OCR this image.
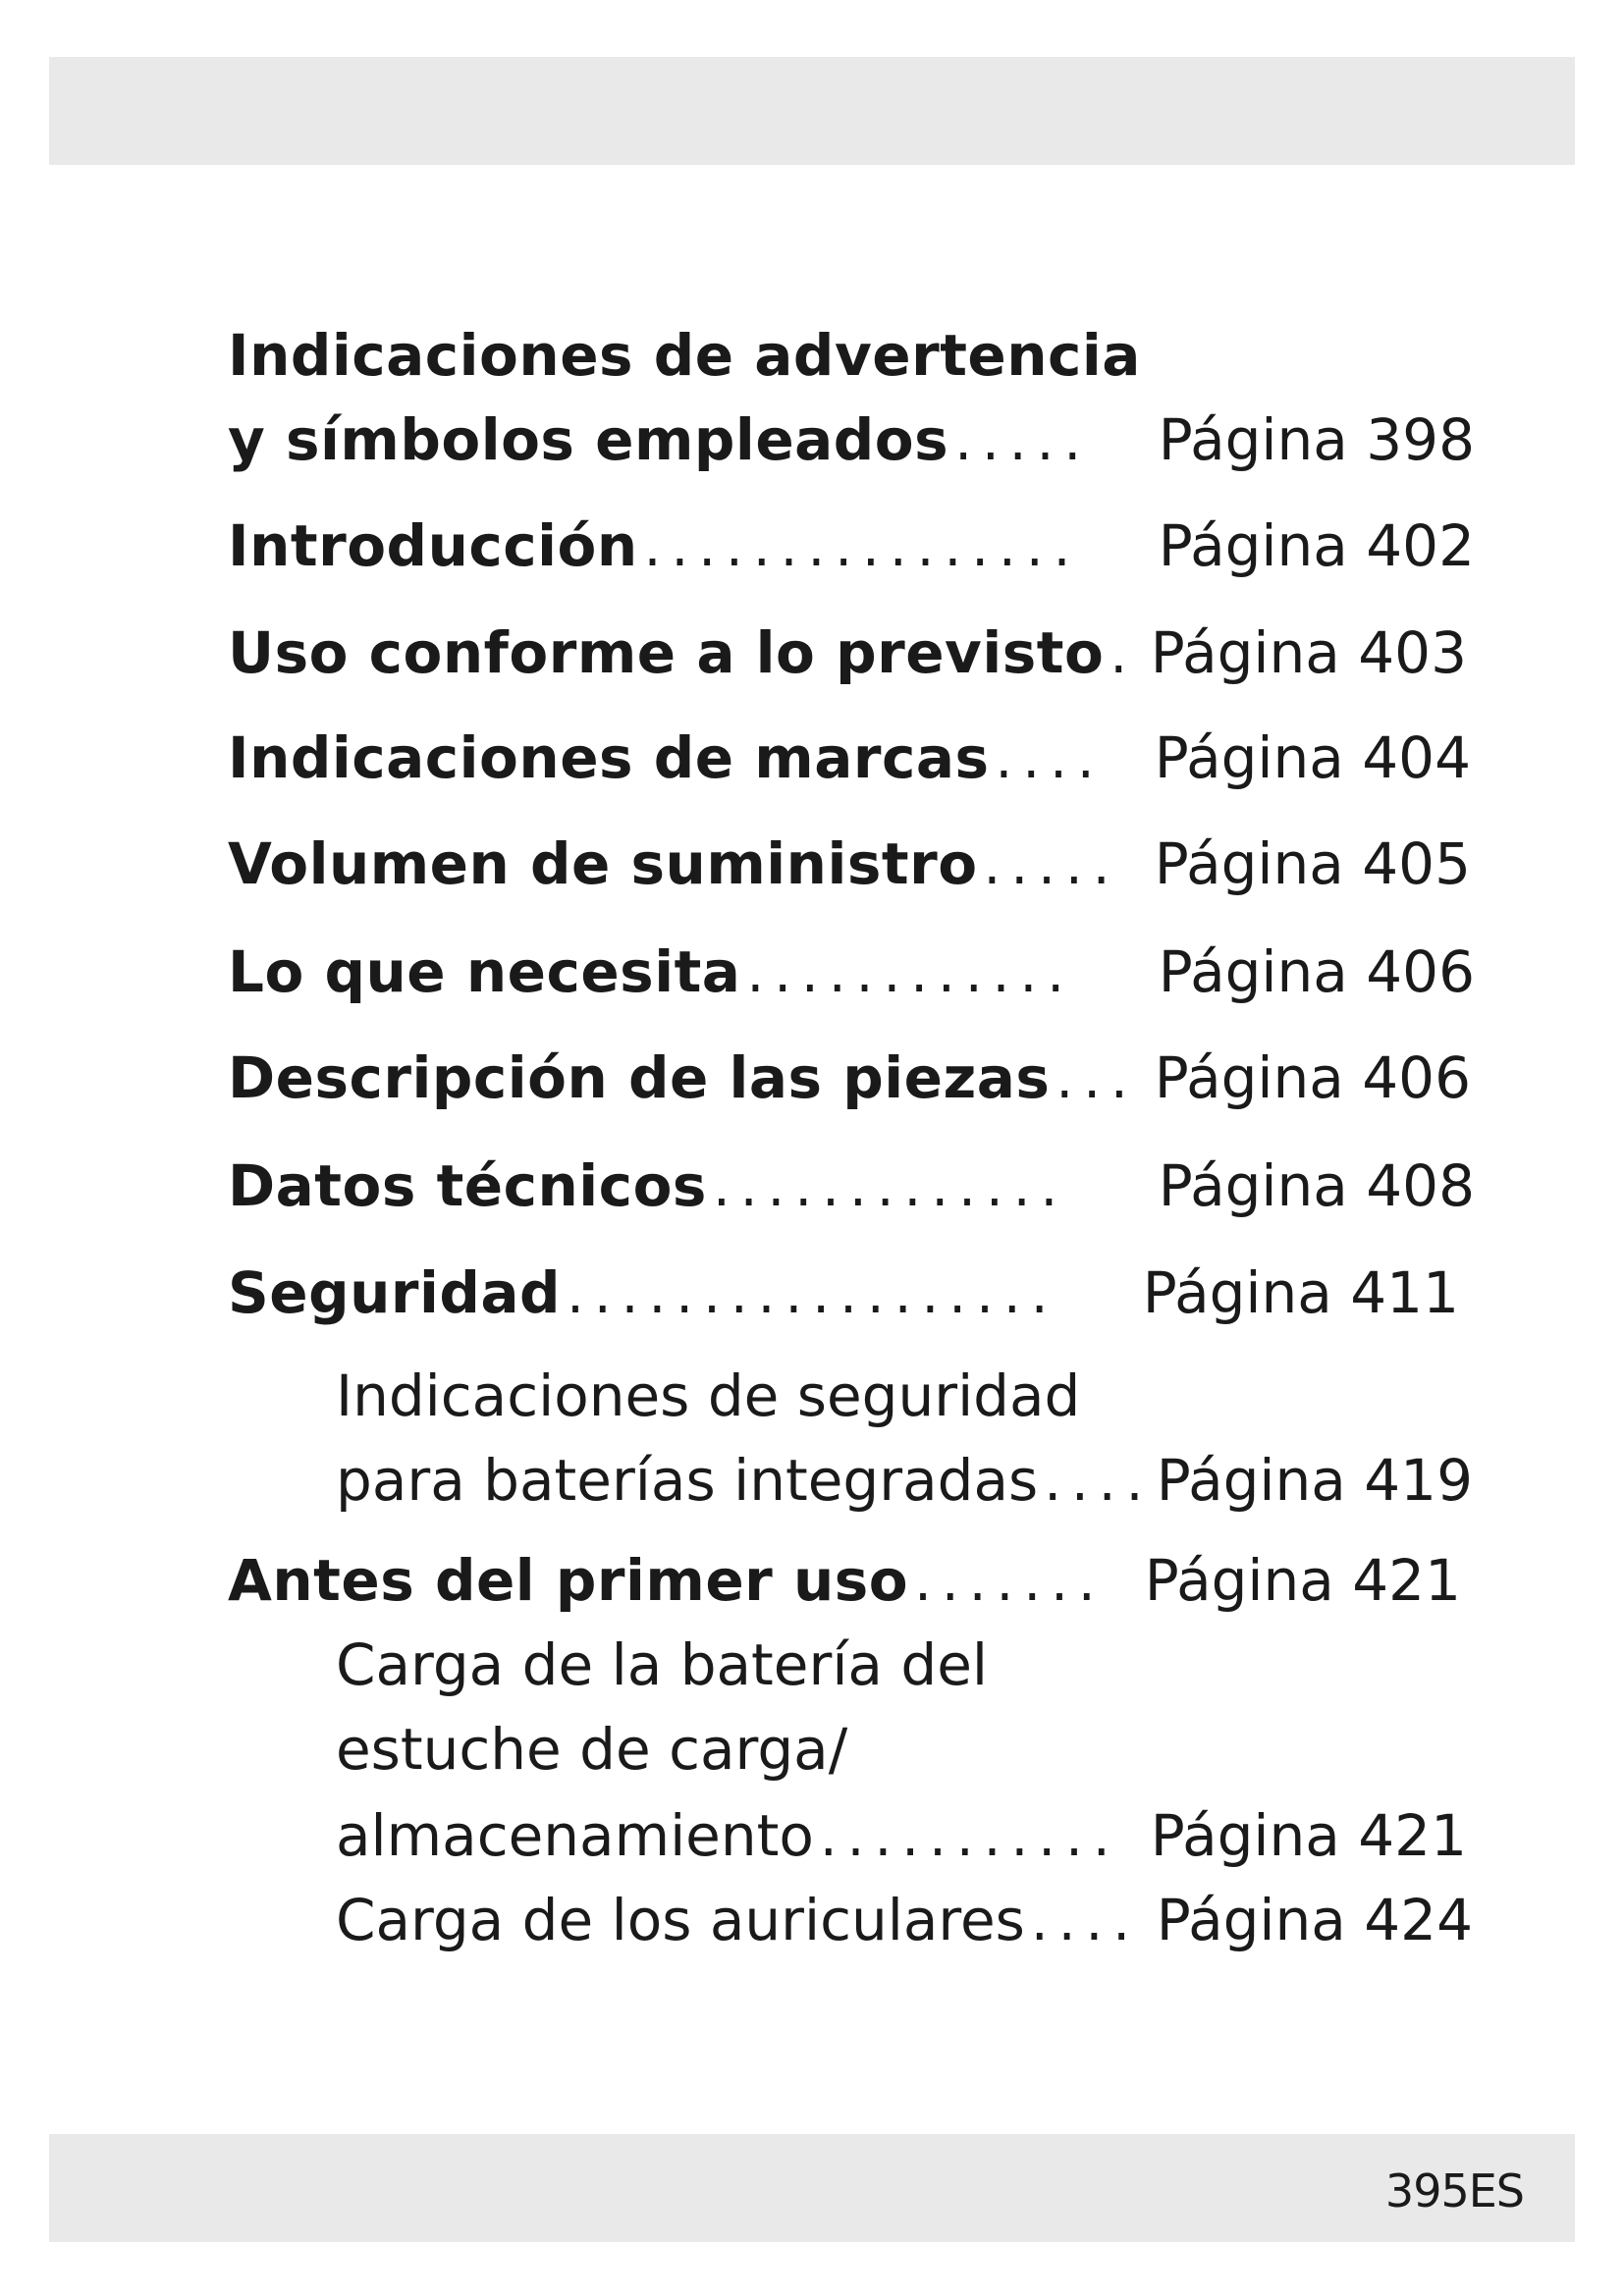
Indicaciones de advertencia
y símbolos empleados ..... Página 398
Introducción ................ Página 402
Uso conforme a lo previsto . Página 403
Indicaciones de marcas .... Página 404
Volumen de suministro ..... Página 405
Lo que necesita ............ Página 406
Descripción de las piezas ... Página 406
Datos técnicos ............. Página 408
Seguridad .................. Página 411
Indicaciones de seguridad
para baterías integradas .... Página 419
Antes del primer uso ....... Página 421
Carga de la batería del
estuche de carga/
almacenamiento ........... Página 421
Carga de los auriculares .... Página 424
395ES
